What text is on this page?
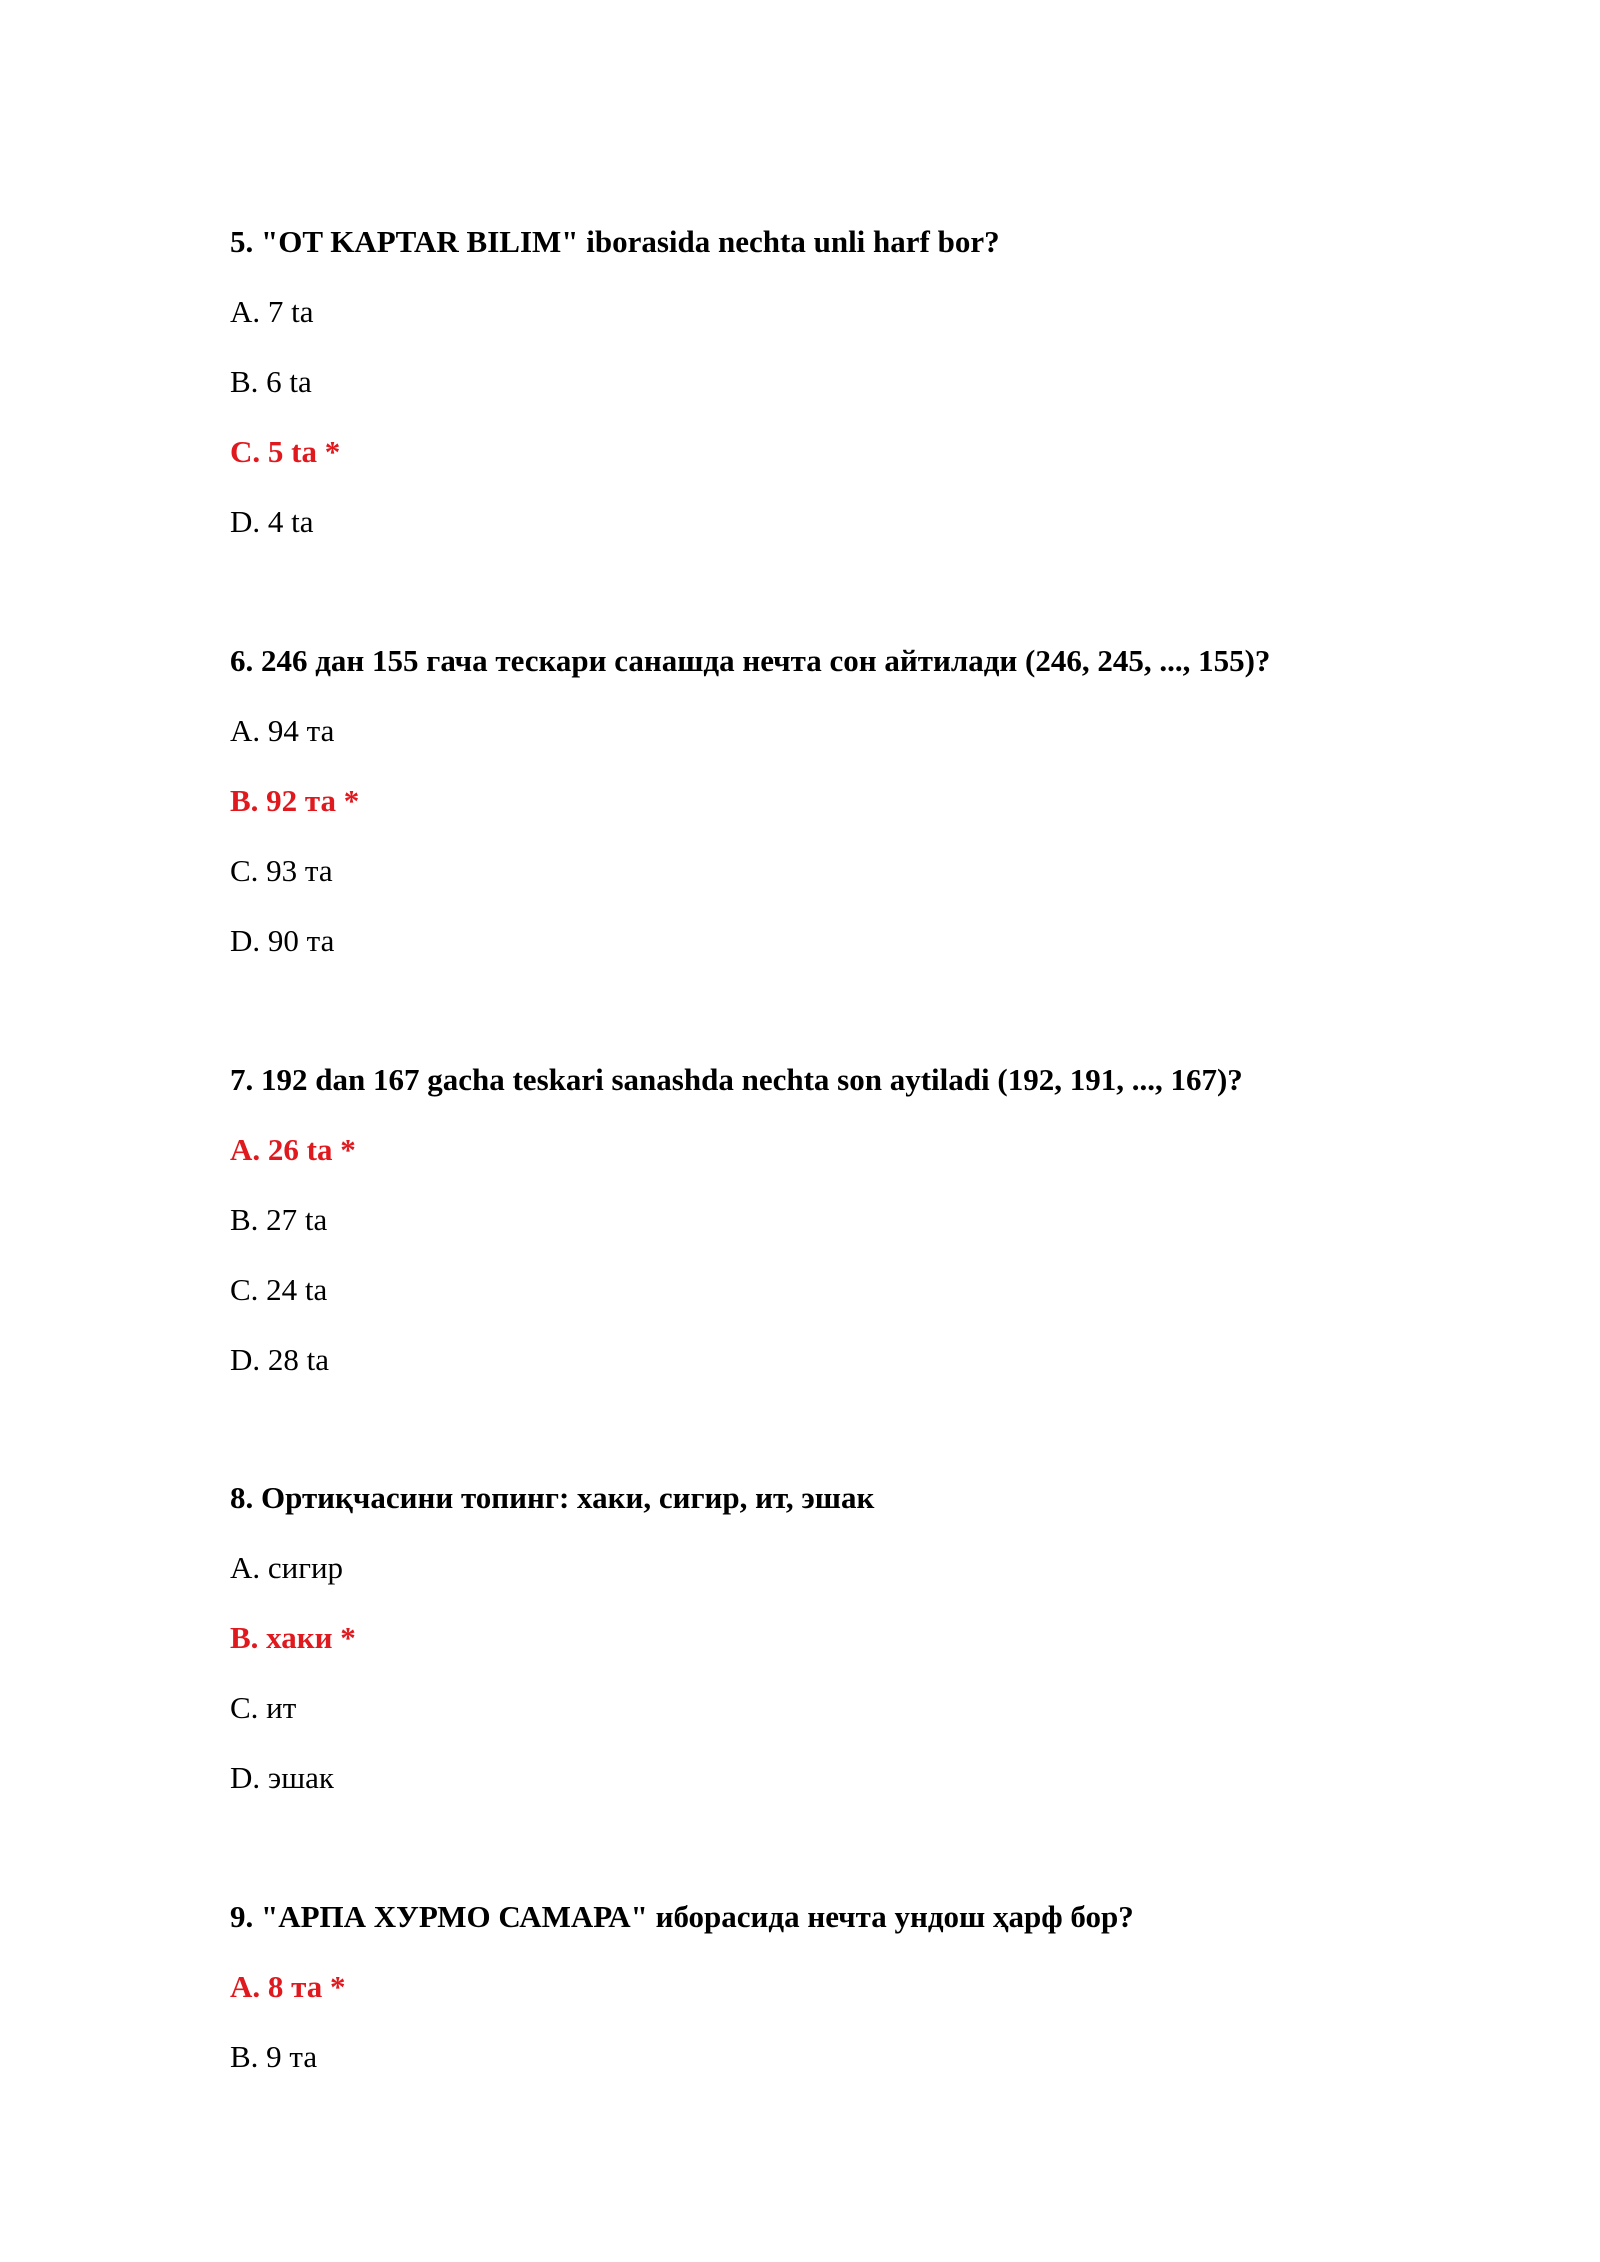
5. "OT KAPTAR BILIM" iborasida nechta unli harf bor?
A. 7 ta
B. 6 ta
C. 5 ta *
D. 4 ta
6. 246 дан 155 гача тескари санашда нечта сон айтилади (246, 245, ..., 155)?
A. 94 та
B. 92 та *
C. 93 та
D. 90 та
7. 192 dan 167 gacha teskari sanashda nechta son aytiladi (192, 191, ..., 167)?
A. 26 ta *
B. 27 ta
C. 24 ta
D. 28 ta
8. Ортиқчасини топинг: хаки, сигир, ит, эшак
A. сигир
B. хаки *
C. ит
D. эшак
9. "АРПА ХУРМО САМАРА" иборасида нечта ундош ҳарф бор?
A. 8 та *
B. 9 та
